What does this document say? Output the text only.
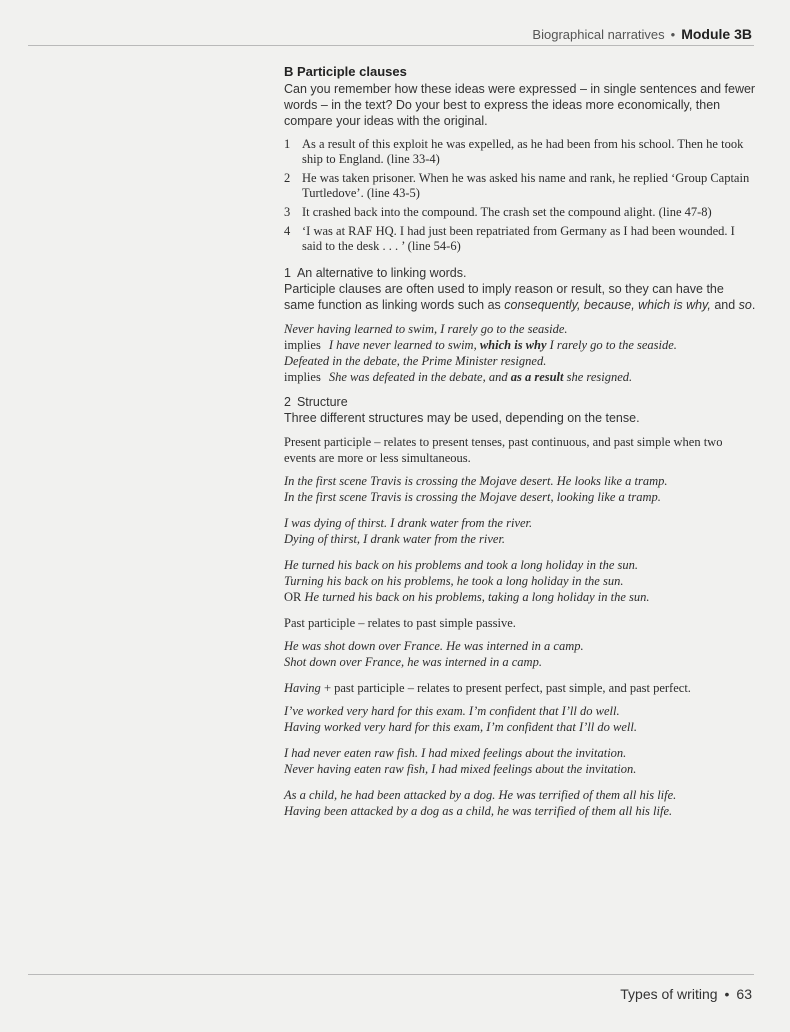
Biographical narratives • Module 3B

B Participle clauses

Can you remember how these ideas were expressed – in single sentences and fewer words – in the text? Do your best to express the ideas more economically, then compare your ideas with the original.

1 As a result of this exploit he was expelled, as he had been from his school. Then he took ship to England. (line 33-4)
2 He was taken prisoner. When he was asked his name and rank, he replied ‘Group Captain Turtledove’. (line 43-5)
3 It crashed back into the compound. The crash set the compound alight. (line 47-8)
4 ‘I was at RAF HQ. I had just been repatriated from Germany as I had been wounded. I said to the desk . . . ’ (line 54-6)

1 An alternative to linking words.

Participle clauses are often used to imply reason or result, so they can have the same function as linking words such as consequently, because, which is why, and so.

Never having learned to swim, I rarely go to the seaside.
implies I have never learned to swim, which is why I rarely go to the seaside.
Defeated in the debate, the Prime Minister resigned.
implies She was defeated in the debate, and as a result she resigned.

2 Structure

Three different structures may be used, depending on the tense.

Present participle – relates to present tenses, past continuous, and past simple when two events are more or less simultaneous.

In the first scene Travis is crossing the Mojave desert. He looks like a tramp.
In the first scene Travis is crossing the Mojave desert, looking like a tramp.
I was dying of thirst. I drank water from the river.
Dying of thirst, I drank water from the river.
He turned his back on his problems and took a long holiday in the sun.
Turning his back on his problems, he took a long holiday in the sun.
OR He turned his back on his problems, taking a long holiday in the sun.

Past participle – relates to past simple passive.

He was shot down over France. He was interned in a camp.
Shot down over France, he was interned in a camp.

Having + past participle – relates to present perfect, past simple, and past perfect.

I’ve worked very hard for this exam. I’m confident that I’ll do well.
Having worked very hard for this exam, I’m confident that I’ll do well.
I had never eaten raw fish. I had mixed feelings about the invitation.
Never having eaten raw fish, I had mixed feelings about the invitation.
As a child, he had been attacked by a dog. He was terrified of them all his life.
Having been attacked by a dog as a child, he was terrified of them all his life.
Types of writing • 63
